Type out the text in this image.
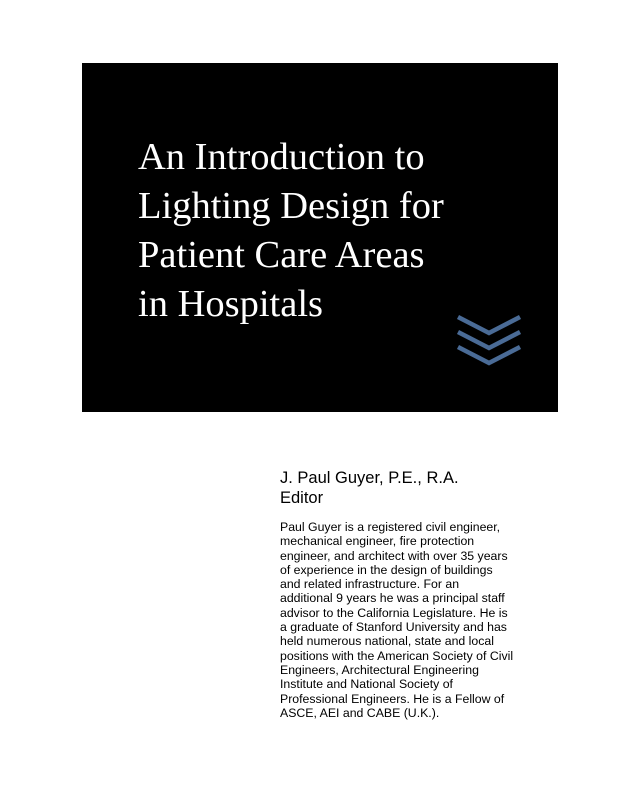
An Introduction to
Lighting Design for
Patient Care Areas
in Hospitals

J. Paul Guyer, P.E., R.A.

Editor

Paul Guyer is a registered civil engineer,
mechanical engineer, fire protection
engineer, and architect with over 35 years
of experience in the design of buildings
and related infrastructure. For an
additional 9 years he was a principal staff
advisor to the California Legislature. He is
a graduate of Stanford University and has
held numerous national, state and local
positions with the American Society of Civil
Engineers, Architectural Engineering
Institute and National Society of
Professional Engineers. He is a Fellow of
ASCE, AEI and CABE (U.K.).
